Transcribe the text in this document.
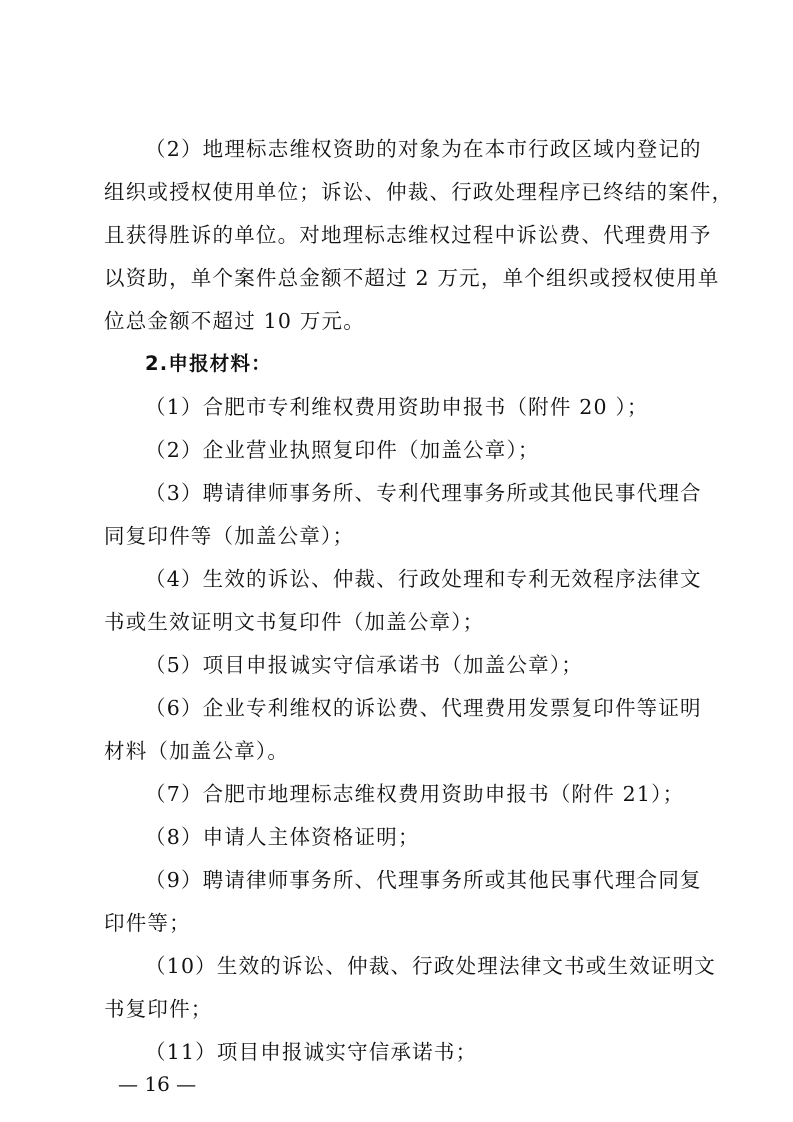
（2）地理标志维权资助的对象为在本市行政区域内登记的
组织或授权使用单位；诉讼、仲裁、行政处理程序已终结的案件，
且获得胜诉的单位。对地理标志维权过程中诉讼费、代理费用予
以资助，单个案件总金额不超过 2 万元，单个组织或授权使用单
位总金额不超过 10 万元。
2.申报材料：
（1）合肥市专利维权费用资助申报书（附件 20 ）；
（2）企业营业执照复印件（加盖公章）；
（3）聘请律师事务所、专利代理事务所或其他民事代理合
同复印件等（加盖公章）；
（4）生效的诉讼、仲裁、行政处理和专利无效程序法律文
书或生效证明文书复印件（加盖公章）；
（5）项目申报诚实守信承诺书（加盖公章）；
（6）企业专利维权的诉讼费、代理费用发票复印件等证明
材料（加盖公章）。
（7）合肥市地理标志维权费用资助申报书（附件 21）；
（8）申请人主体资格证明；
（9）聘请律师事务所、代理事务所或其他民事代理合同复
印件等；
（10）生效的诉讼、仲裁、行政处理法律文书或生效证明文
书复印件；
（11）项目申报诚实守信承诺书；
— 16 —
